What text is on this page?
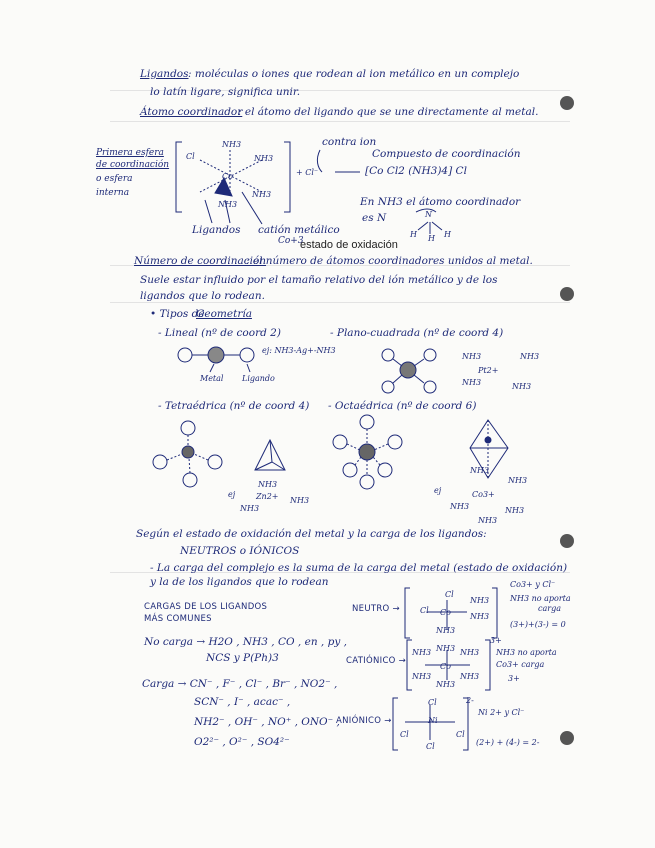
Ligandos : moléculas o iones que rodean al ion metálico en un complejo
lo latín ligare, significa unir.
Átomo coordinador
: el átomo del ligando que se une directamente al metal.
contra ion
Compuesto de coordinación
[Co Cl2 (NH3)4] Cl
+ Cl⁻
Primera esfera
de coordinación
o esfera
interna
NH3
Cl	NH3
Co
NH3
NH3	En NH3 el átomo coordinador
es N	N
H H H
Ligandos catión metálico
Co+3
estado de oxidación
Número de coordinación
: el número de átomos coordinadores unidos al metal.
Suele estar influido por el tamaño relativo del ión metálico y de los
ligandos que lo rodean.
• Tipos de
Geometría
- Lineal (nº de coord 2)	- Plano-cuadrada (nº de coord 4)
ej: NH3-Ag+-NH3
Metal Ligando
NH3	NH3
Pt2+
NH3	NH3
- Tetraédrica (nº de coord 4) - Octaédrica (nº de coord 6)
NH3
ej	Zn2+
NH3
NH3
NH3
NH3
ej	Co3+
NH3	NH3
NH3
Según el estado de oxidación del metal y la carga de los ligandos:
NEUTROS o IÓNICOS
- La carga del complejo es la suma de la carga del metal (estado de oxidación)
y la de los ligandos que lo rodean
CARGAS DE LOS LIGANDOS
MÁS COMUNES
NEUTRO →
Cl
Cl Co
NH3
NH3
NH3
Co3+ y Cl⁻
NH3 no aporta
carga
(3+)+(3-) = 0
No carga → H2O , NH3 , CO , en , py ,
NCS y P(Ph)3	CATIÓNICO →
NH3 NH3 NH3
Co
NH3	NH3
NH3
3+
NH3 no aporta
Co3+ carga
3+
Carga → CN⁻ , F⁻ , Cl⁻ , Br⁻ , NO2⁻ ,
SCN⁻ , I⁻ , acac⁻ ,
NH2⁻ , OH⁻ , NO⁺ , ONO⁻ ,
O2²⁻ , O²⁻ , SO4²⁻
ANIÓNICO →
Cl
Ni
Cl	Cl
Cl
2-
Ni 2+ y Cl⁻
(2+) + (4-) = 2-
